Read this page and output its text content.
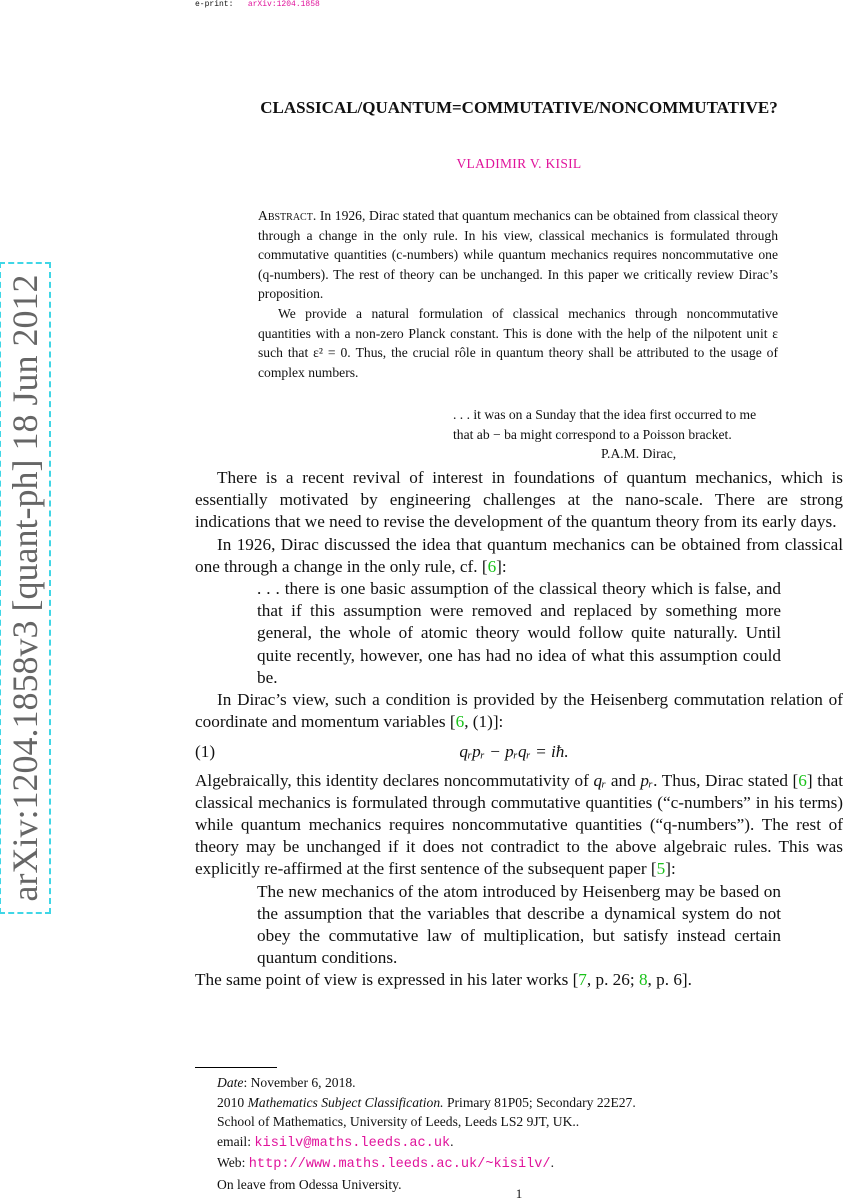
e-print: arXiv:1204.1858
arXiv:1204.1858v3 [quant-ph] 18 Jun 2012
CLASSICAL/QUANTUM=COMMUTATIVE/NONCOMMUTATIVE?
VLADIMIR V. KISIL

Abstract. In 1926, Dirac stated that quantum mechanics can be obtained from classical theory through a change in the only rule. In his view, classical mechanics is formulated through commutative quantities (c-numbers) while quantum mechanics requires noncommutative one (q-numbers). The rest of theory can be unchanged. In this paper we critically review Dirac’s proposition.

We provide a natural formulation of classical mechanics through noncommutative quantities with a non-zero Planck constant. This is done with the help of the nilpotent unit ε such that ε² = 0. Thus, the crucial rôle in quantum theory shall be attributed to the usage of complex numbers.

. . . it was on a Sunday that the idea first occurred to me
that ab − ba might correspond to a Poisson bracket.
P.A.M. Dirac,

There is a recent revival of interest in foundations of quantum mechanics, which is essentially motivated by engineering challenges at the nano-scale. There are strong indications that we need to revise the development of the quantum theory from its early days.

In 1926, Dirac discussed the idea that quantum mechanics can be obtained from classical one through a change in the only rule, cf. [6]:

. . . there is one basic assumption of the classical theory which is false, and that if this assumption were removed and replaced by something more general, the whole of atomic theory would follow quite naturally. Until quite recently, however, one has had no idea of what this assumption could be.

In Dirac’s view, such a condition is provided by the Heisenberg commutation relation of coordinate and momentum variables [6, (1)]:

(1)	qᵣpᵣ − pᵣqᵣ = iħ.

Algebraically, this identity declares noncommutativity of qᵣ and pᵣ. Thus, Dirac stated [6] that classical mechanics is formulated through commutative quantities (“c-numbers” in his terms) while quantum mechanics requires noncommutative quantities (“q-numbers”). The rest of theory may be unchanged if it does not contradict to the above algebraic rules. This was explicitly re-affirmed at the first sentence of the subsequent paper [5]:

The new mechanics of the atom introduced by Heisenberg may be based on the assumption that the variables that describe a dynamical system do not obey the commutative law of multiplication, but satisfy instead certain quantum conditions.

The same point of view is expressed in his later works [7, p. 26; 8, p. 6].

Date: November 6, 2018.
2010 Mathematics Subject Classification. Primary 81P05; Secondary 22E27.
School of Mathematics, University of Leeds, Leeds LS2 9JT, UK..
email: kisilv@maths.leeds.ac.uk.
Web: http://www.maths.leeds.ac.uk/~kisilv/.
On leave from Odessa University.
1
